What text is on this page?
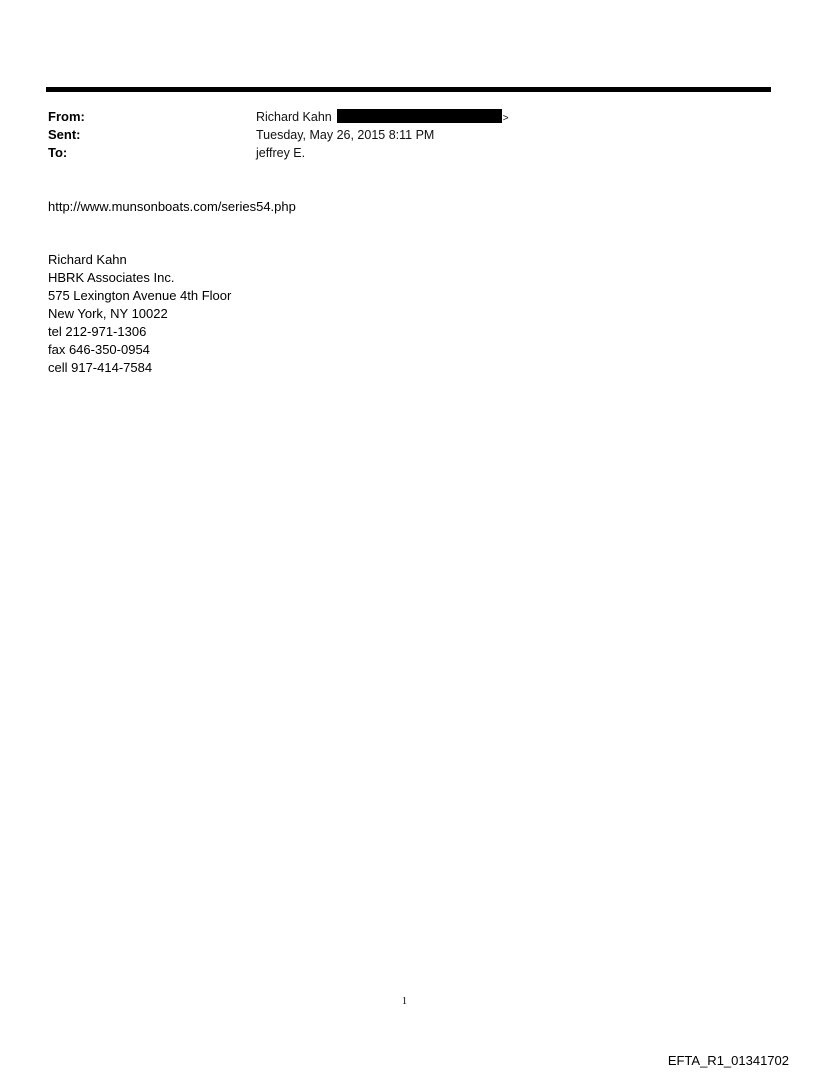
From:	Richard Kahn	>
Sent:	Tuesday, May 26, 2015 8:11 PM
To:	jeffrey E.
http://www.munsonboats.com/series54.php
Richard Kahn
HBRK Associates Inc.
575 Lexington Avenue 4th Floor
New York, NY 10022
tel 212-971-1306
fax 646-350-0954
cell 917-414-7584
1
EFTA_R1_01341702
